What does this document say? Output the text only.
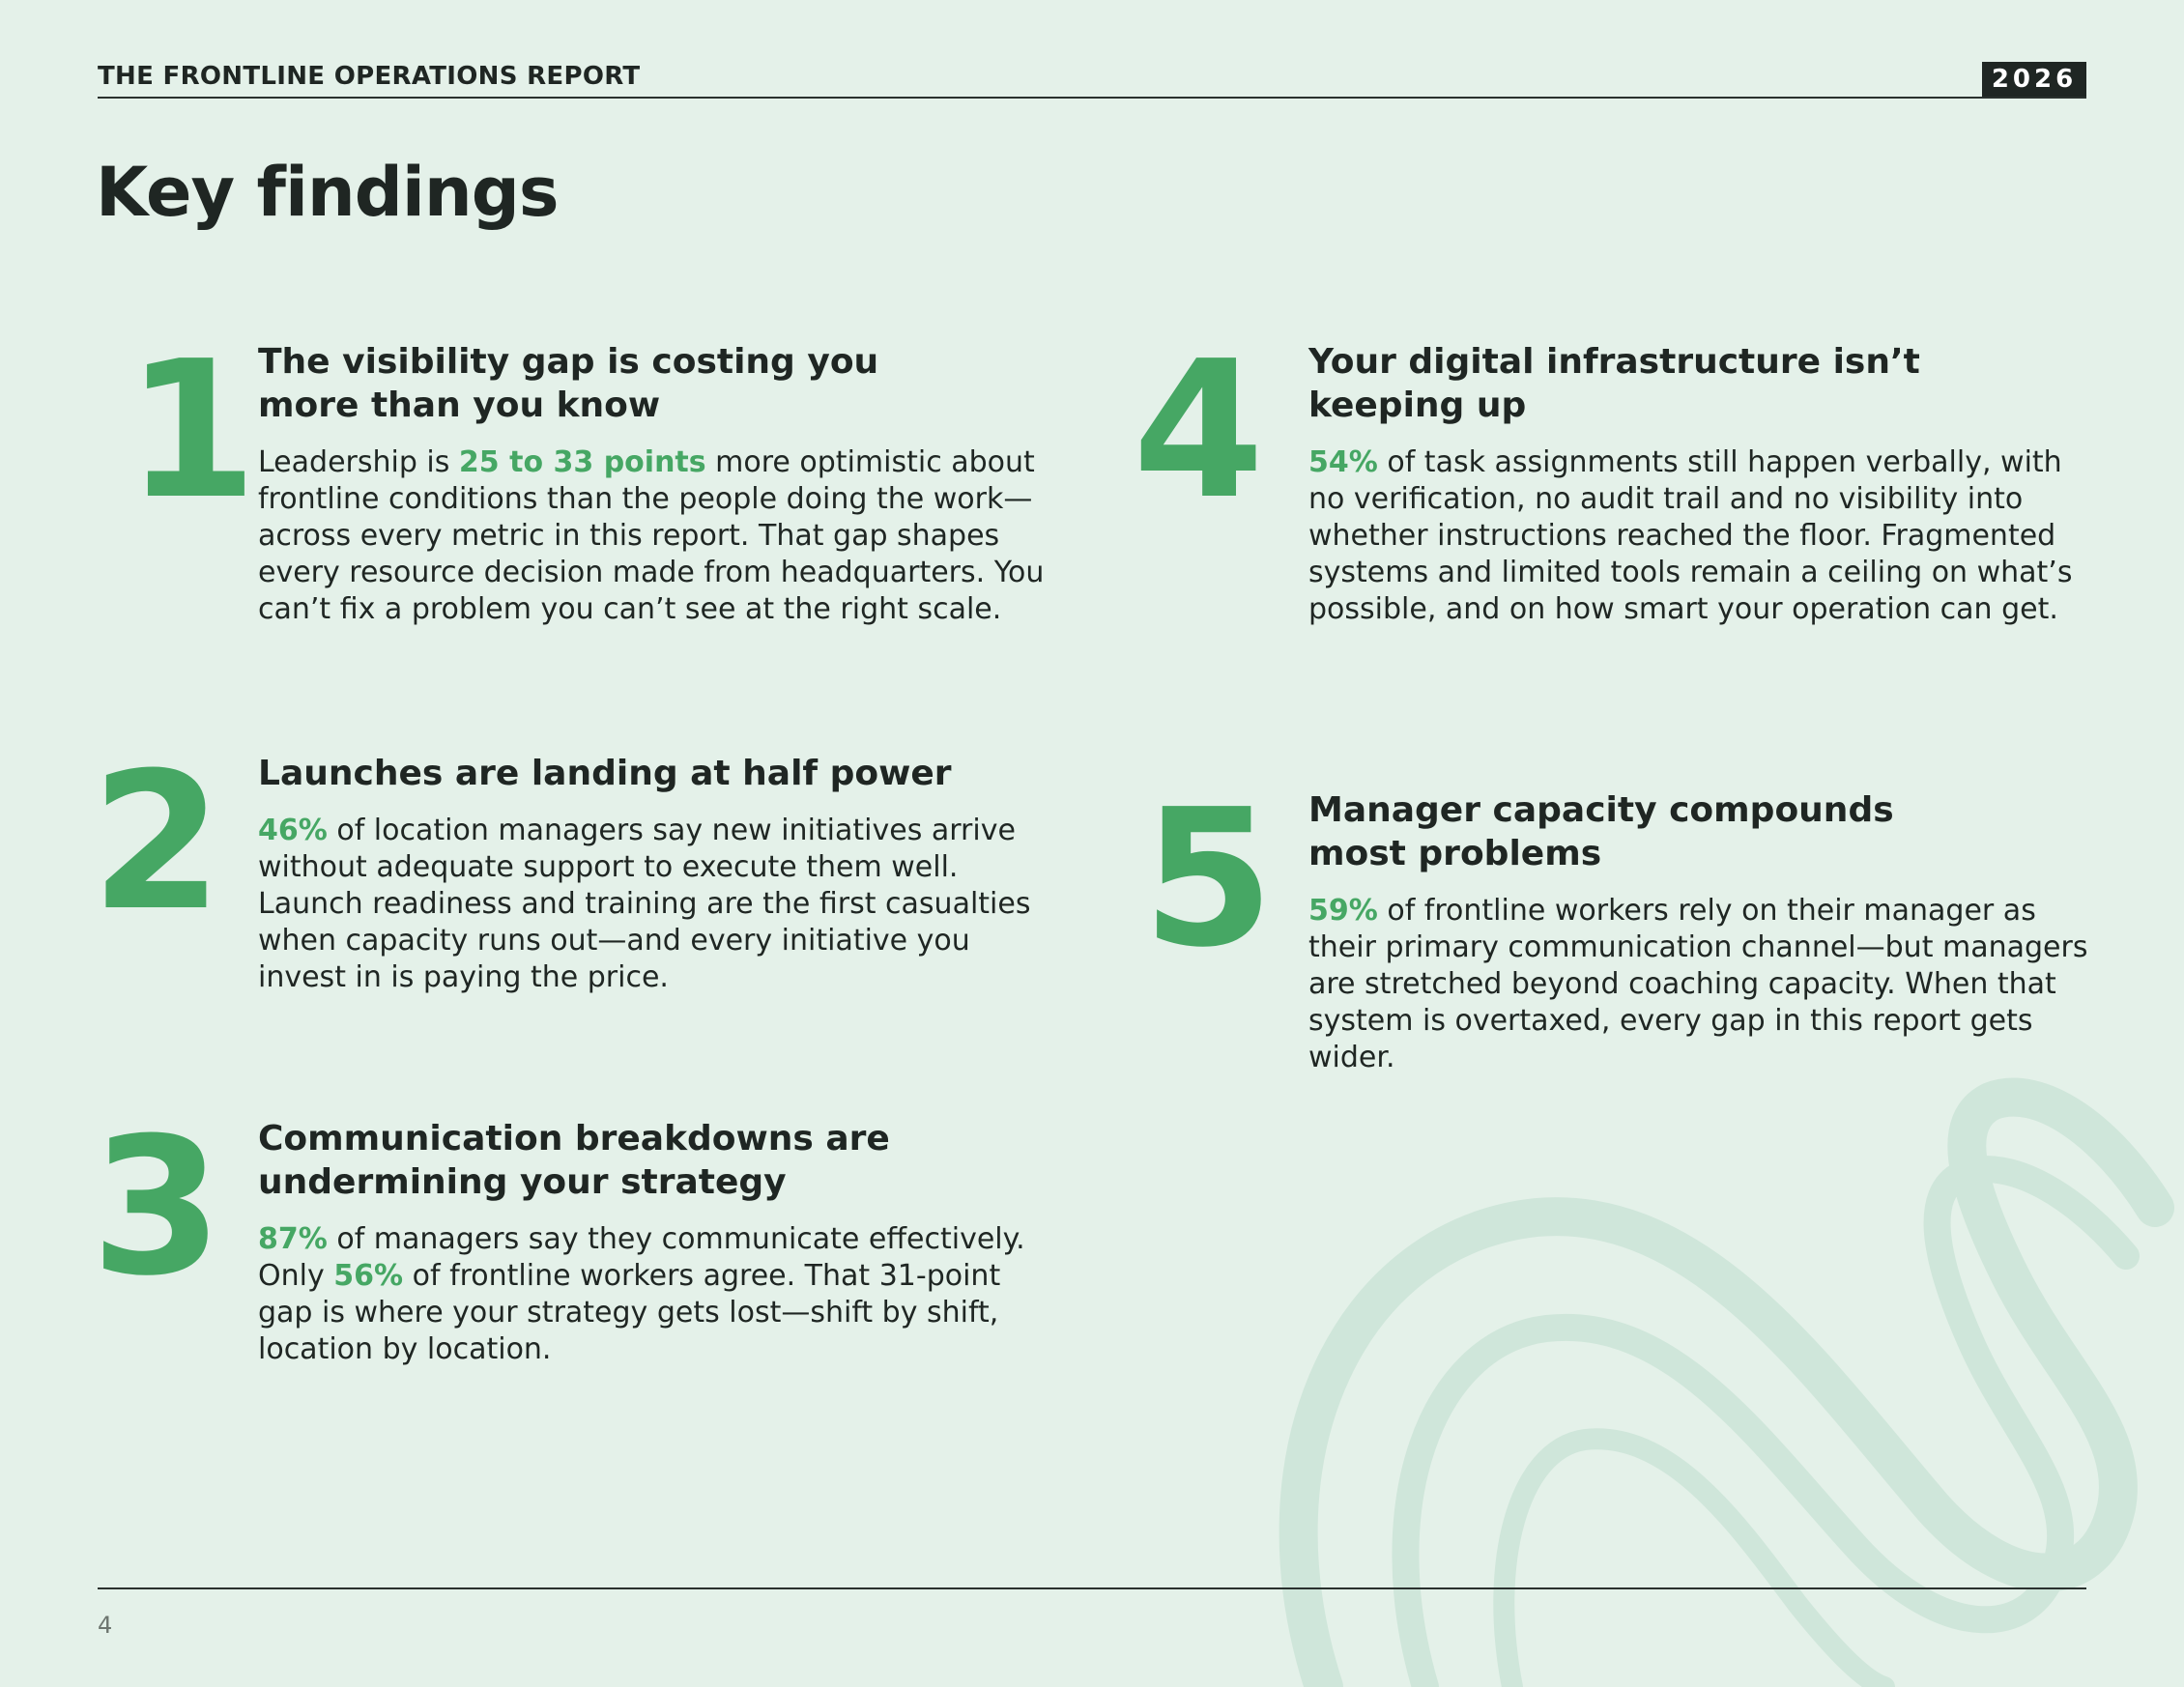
THE FRONTLINE OPERATIONS REPORT	2026
Key findings
1 The visibility gap is costing you
more than you know

Leadership is 25 to 33 points more optimistic about frontline conditions than the people doing the work—across every metric in this report. That gap shapes every resource decision made from headquarters. You can’t fix a problem you can’t see at the right scale.

2 Launches are landing at half power

46% of location managers say new initiatives arrive without adequate support to execute them well. Launch readiness and training are the first casualties when capacity runs out—and every initiative you invest in is paying the price.

3 Communication breakdowns are
undermining your strategy

87% of managers say they communicate effectively. Only 56% of frontline workers agree. That 31-point gap is where your strategy gets lost—shift by shift, location by location.

4 Your digital infrastructure isn’t
keeping up

54% of task assignments still happen verbally, with no verification, no audit trail and no visibility into whether instructions reached the floor. Fragmented systems and limited tools remain a ceiling on what’s possible, and on how smart your operation can get.

5 Manager capacity compounds
most problems

59% of frontline workers rely on their manager as their primary communication channel—but managers are stretched beyond coaching capacity. When that system is overtaxed, every gap in this report gets wider.

4
